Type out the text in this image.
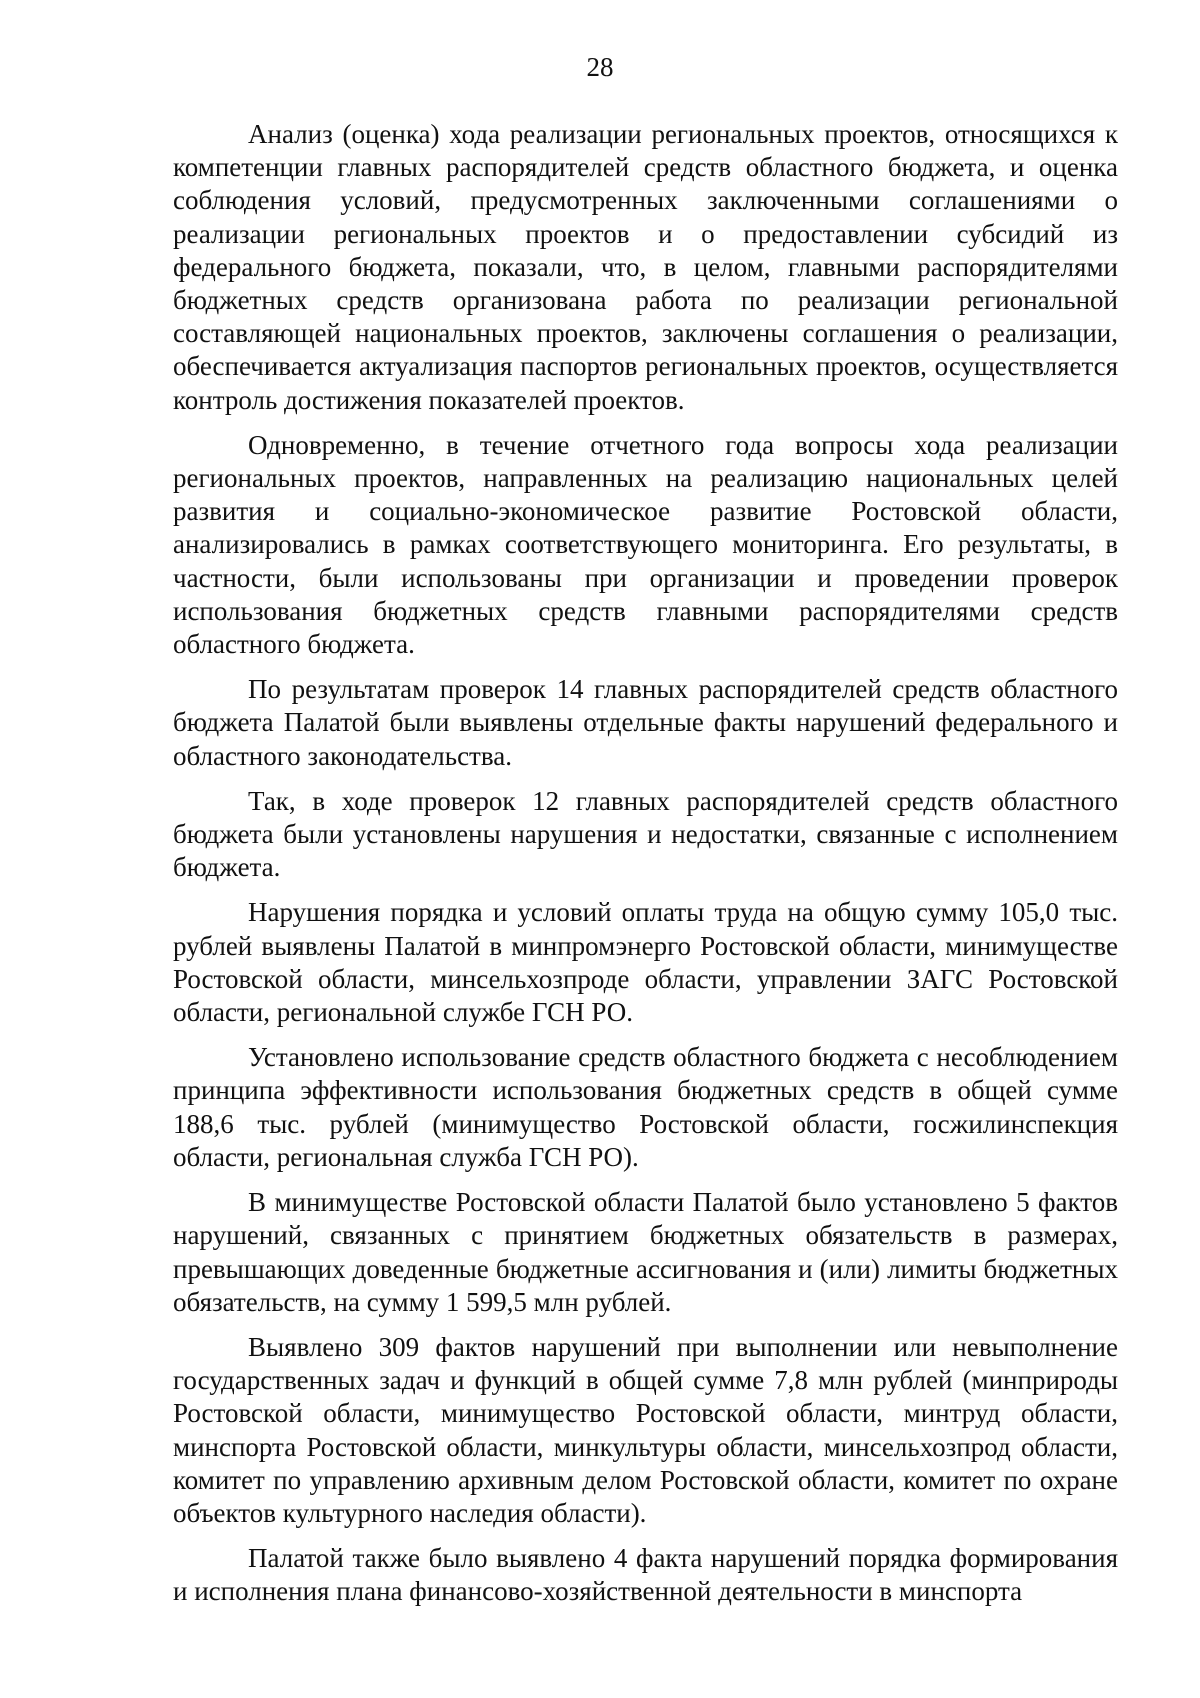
28

Анализ (оценка) хода реализации региональных проектов, относящихся к компетенции главных распорядителей средств областного бюджета, и оценка соблюдения условий, предусмотренных заключенными соглашениями о реализации региональных проектов и о предоставлении субсидий из федерального бюджета, показали, что, в целом, главными распорядителями бюджетных средств организована работа по реализации региональной составляющей национальных проектов, заключены соглашения о реализации, обеспечивается актуализация паспортов региональных проектов, осуществляется контроль достижения показателей проектов.

Одновременно, в течение отчетного года вопросы хода реализации региональных проектов, направленных на реализацию национальных целей развития и социально-экономическое развитие Ростовской области, анализировались в рамках соответствующего мониторинга. Его результаты, в частности, были использованы при организации и проведении проверок использования бюджетных средств главными распорядителями средств областного бюджета.

По результатам проверок 14 главных распорядителей средств областного бюджета Палатой были выявлены отдельные факты нарушений федерального и областного законодательства.

Так, в ходе проверок 12 главных распорядителей средств областного бюджета были установлены нарушения и недостатки, связанные с исполнением бюджета.

Нарушения порядка и условий оплаты труда на общую сумму 105,0 тыс. рублей выявлены Палатой в минпромэнерго Ростовской области, минимуществе Ростовской области, минсельхозпроде области, управлении ЗАГС Ростовской области, региональной службе ГСН РО.

Установлено использование средств областного бюджета с несоблюдением принципа эффективности использования бюджетных средств в общей сумме 188,6 тыс. рублей (минимущество Ростовской области, госжилинспекция области, региональная служба ГСН РО).

В минимуществе Ростовской области Палатой было установлено 5 фактов нарушений, связанных с принятием бюджетных обязательств в размерах, превышающих доведенные бюджетные ассигнования и (или) лимиты бюджетных обязательств, на сумму 1 599,5 млн рублей.

Выявлено 309 фактов нарушений при выполнении или невыполнение государственных задач и функций в общей сумме 7,8 млн рублей (минприроды Ростовской области, минимущество Ростовской области, минтруд области, минспорта Ростовской области, минкультуры области, минсельхозпрод области, комитет по управлению архивным делом Ростовской области, комитет по охране объектов культурного наследия области).

Палатой также было выявлено 4 факта нарушений порядка формирования и исполнения плана финансово-хозяйственной деятельности в минспорта
